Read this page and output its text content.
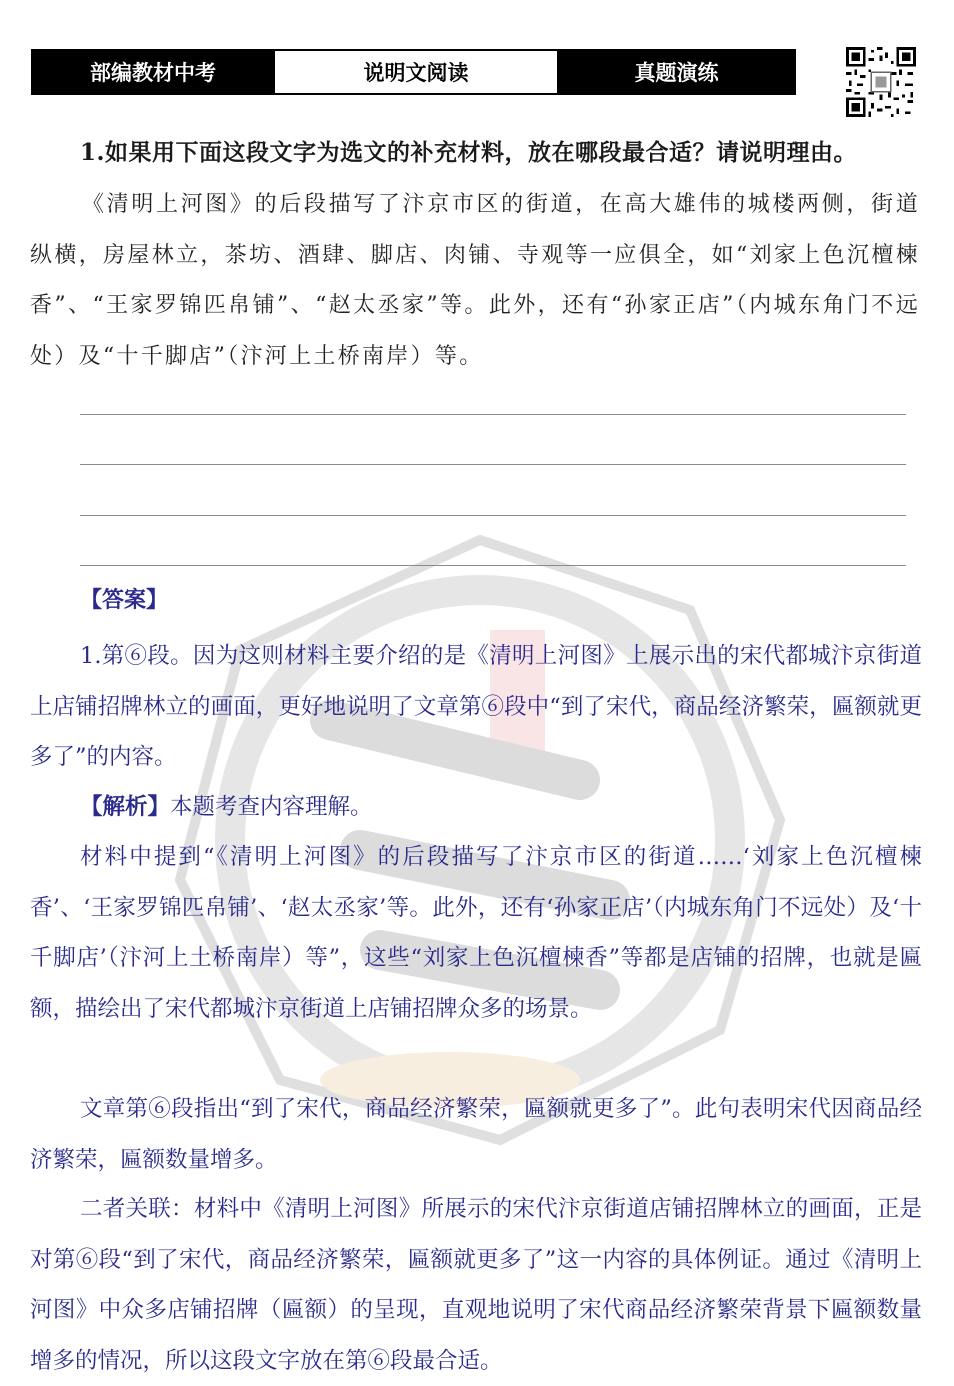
部编教材中考	说明文阅读	真题演练
1.如果用下面这段文字为选文的补充材料，放在哪段最合适？请说明理由。
《清明上河图》的后段描写了汴京市区的街道，在高大雄伟的城楼两侧，街道纵横，房屋林立，茶坊、酒肆、脚店、肉铺、寺观等一应俱全，如“刘家上色沉檀楝香”、“王家罗锦匹帛铺”、“赵太丞家”等。此外，还有“孙家正店”（内城东角门不远处）及“十千脚店”（汴河上土桥南岸）等。
【答案】
1.第⑥段。因为这则材料主要介绍的是《清明上河图》上展示出的宋代都城汴京街道上店铺招牌林立的画面，更好地说明了文章第⑥段中“到了宋代，商品经济繁荣，匾额就更多了”的内容。
【解析】本题考查内容理解。
材料中提到“《清明上河图》的后段描写了汴京市区的街道……‘刘家上色沉檀楝香’、‘王家罗锦匹帛铺’、‘赵太丞家’等。此外，还有‘孙家正店’（内城东角门不远处）及‘十千脚店’（汴河上土桥南岸）等”，这些“刘家上色沉檀楝香”等都是店铺的招牌，也就是匾额，描绘出了宋代都城汴京街道上店铺招牌众多的场景。
文章第⑥段指出“到了宋代，商品经济繁荣，匾额就更多了”。此句表明宋代因商品经济繁荣，匾额数量增多。
二者关联：材料中《清明上河图》所展示的宋代汴京街道店铺招牌林立的画面，正是对第⑥段“到了宋代，商品经济繁荣，匾额就更多了”这一内容的具体例证。通过《清明上河图》中众多店铺招牌（匾额）的呈现，直观地说明了宋代商品经济繁荣背景下匾额数量增多的情况，所以这段文字放在第⑥段最合适。
